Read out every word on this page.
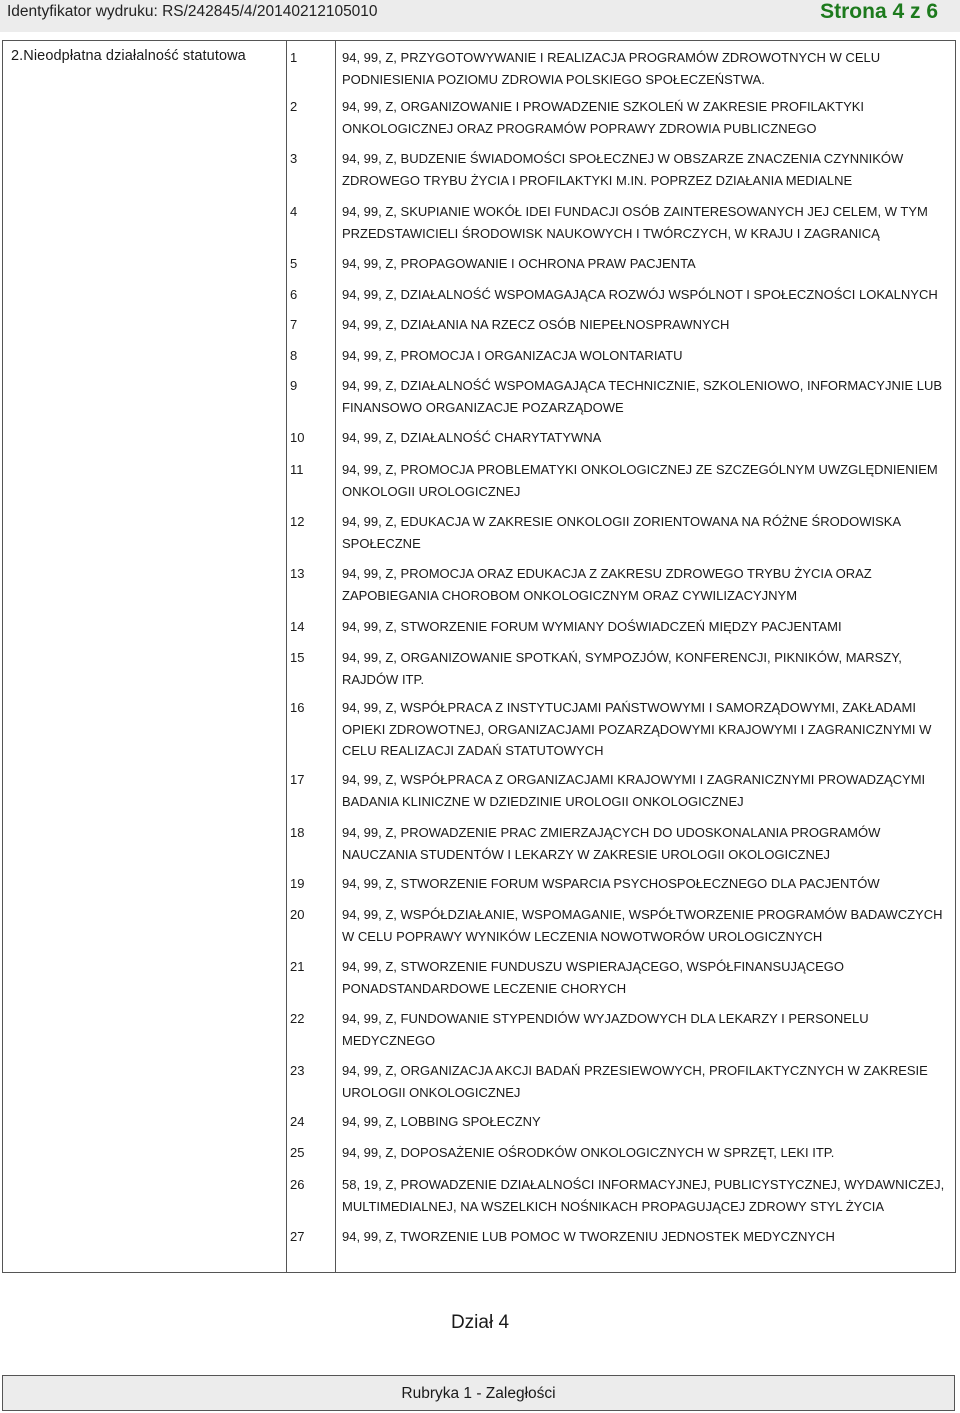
Identyfikator wydruku: RS/242845/4/20140212105010	Strona 4 z 6
2.Nieodpłatna działalność statutowa	1	94, 99, Z, PRZYGOTOWYWANIE I REALIZACJA PROGRAMÓW ZDROWOTNYCH W CELU PODNIESIENIA POZIOMU ZDROWIA POLSKIEGO SPOŁECZEŃSTWA.
2	94, 99, Z, ORGANIZOWANIE I PROWADZENIE SZKOLEŃ W ZAKRESIE PROFILAKTYKI ONKOLOGICZNEJ ORAZ PROGRAMÓW POPRAWY ZDROWIA PUBLICZNEGO
3	94, 99, Z, BUDZENIE ŚWIADOMOŚCI SPOŁECZNEJ W OBSZARZE ZNACZENIA CZYNNIKÓW ZDROWEGO TRYBU ŻYCIA I PROFILAKTYKI M.IN. POPRZEZ DZIAŁANIA MEDIALNE
4	94, 99, Z, SKUPIANIE WOKÓŁ IDEI FUNDACJI OSÓB ZAINTERESOWANYCH JEJ CELEM, W TYM PRZEDSTAWICIELI ŚRODOWISK NAUKOWYCH I TWÓRCZYCH, W KRAJU I ZAGRANICĄ
5	94, 99, Z, PROPAGOWANIE I OCHRONA PRAW PACJENTA
6	94, 99, Z, DZIAŁALNOŚĆ WSPOMAGAJĄCA ROZWÓJ WSPÓLNOT I SPOŁECZNOŚCI LOKALNYCH
7	94, 99, Z, DZIAŁANIA NA RZECZ OSÓB NIEPEŁNOSPRAWNYCH
8	94, 99, Z, PROMOCJA I ORGANIZACJA WOLONTARIATU
9	94, 99, Z, DZIAŁALNOŚĆ WSPOMAGAJĄCA TECHNICZNIE, SZKOLENIOWO, INFORMACYJNIE LUB FINANSOWO ORGANIZACJE POZARZĄDOWE
10	94, 99, Z, DZIAŁALNOŚĆ CHARYTATYWNA
11	94, 99, Z, PROMOCJA PROBLEMATYKI ONKOLOGICZNEJ ZE SZCZEGÓLNYM UWZGLĘDNIENIEM ONKOLOGII UROLOGICZNEJ
12	94, 99, Z, EDUKACJA W ZAKRESIE ONKOLOGII ZORIENTOWANA NA RÓŻNE ŚRODOWISKA SPOŁECZNE
13	94, 99, Z, PROMOCJA ORAZ EDUKACJA Z ZAKRESU ZDROWEGO TRYBU ŻYCIA ORAZ ZAPOBIEGANIA CHOROBOM ONKOLOGICZNYM ORAZ CYWILIZACYJNYM
14	94, 99, Z, STWORZENIE FORUM WYMIANY DOŚWIADCZEŃ MIĘDZY PACJENTAMI
15	94, 99, Z, ORGANIZOWANIE SPOTKAŃ, SYMPOZJÓW, KONFERENCJI, PIKNIKÓW, MARSZY, RAJDÓW ITP.
16	94, 99, Z, WSPÓŁPRACA Z INSTYTUCJAMI PAŃSTWOWYMI I SAMORZĄDOWYMI, ZAKŁADAMI OPIEKI ZDROWOTNEJ, ORGANIZACJAMI POZARZĄDOWYMI KRAJOWYMI I ZAGRANICZNYMI W CELU REALIZACJI ZADAŃ STATUTOWYCH
17	94, 99, Z, WSPÓŁPRACA Z ORGANIZACJAMI KRAJOWYMI I ZAGRANICZNYMI PROWADZĄCYMI BADANIA KLINICZNE W DZIEDZINIE UROLOGII ONKOLOGICZNEJ
18	94, 99, Z, PROWADZENIE PRAC ZMIERZAJĄCYCH DO UDOSKONALANIA PROGRAMÓW NAUCZANIA STUDENTÓW I LEKARZY W ZAKRESIE UROLOGII OKOLOGICZNEJ
19	94, 99, Z, STWORZENIE FORUM WSPARCIA PSYCHOSPOŁECZNEGO DLA PACJENTÓW
20	94, 99, Z, WSPÓŁDZIAŁANIE, WSPOMAGANIE, WSPÓŁTWORZENIE PROGRAMÓW BADAWCZYCH W CELU POPRAWY WYNIKÓW LECZENIA NOWOTWORÓW UROLOGICZNYCH
21	94, 99, Z, STWORZENIE FUNDUSZU WSPIERAJĄCEGO, WSPÓŁFINANSUJĄCEGO PONADSTANDARDOWE LECZENIE CHORYCH
22	94, 99, Z, FUNDOWANIE STYPENDIÓW WYJAZDOWYCH DLA LEKARZY I PERSONELU MEDYCZNEGO
23	94, 99, Z, ORGANIZACJA AKCJI BADAŃ PRZESIEWOWYCH, PROFILAKTYCZNYCH W ZAKRESIE UROLOGII ONKOLOGICZNEJ
24	94, 99, Z, LOBBING SPOŁECZNY
25	94, 99, Z, DOPOSAŻENIE OŚRODKÓW ONKOLOGICZNYCH W SPRZĘT, LEKI ITP.
26	58, 19, Z, PROWADZENIE DZIAŁALNOŚCI INFORMACYJNEJ, PUBLICYSTYCZNEJ, WYDAWNICZEJ, MULTIMEDIALNEJ, NA WSZELKICH NOŚNIKACH PROPAGUJĄCEJ ZDROWY STYL ŻYCIA
27	94, 99, Z, TWORZENIE LUB POMOC W TWORZENIU JEDNOSTEK MEDYCZNYCH
Dział 4
Rubryka 1 - Zaległości
